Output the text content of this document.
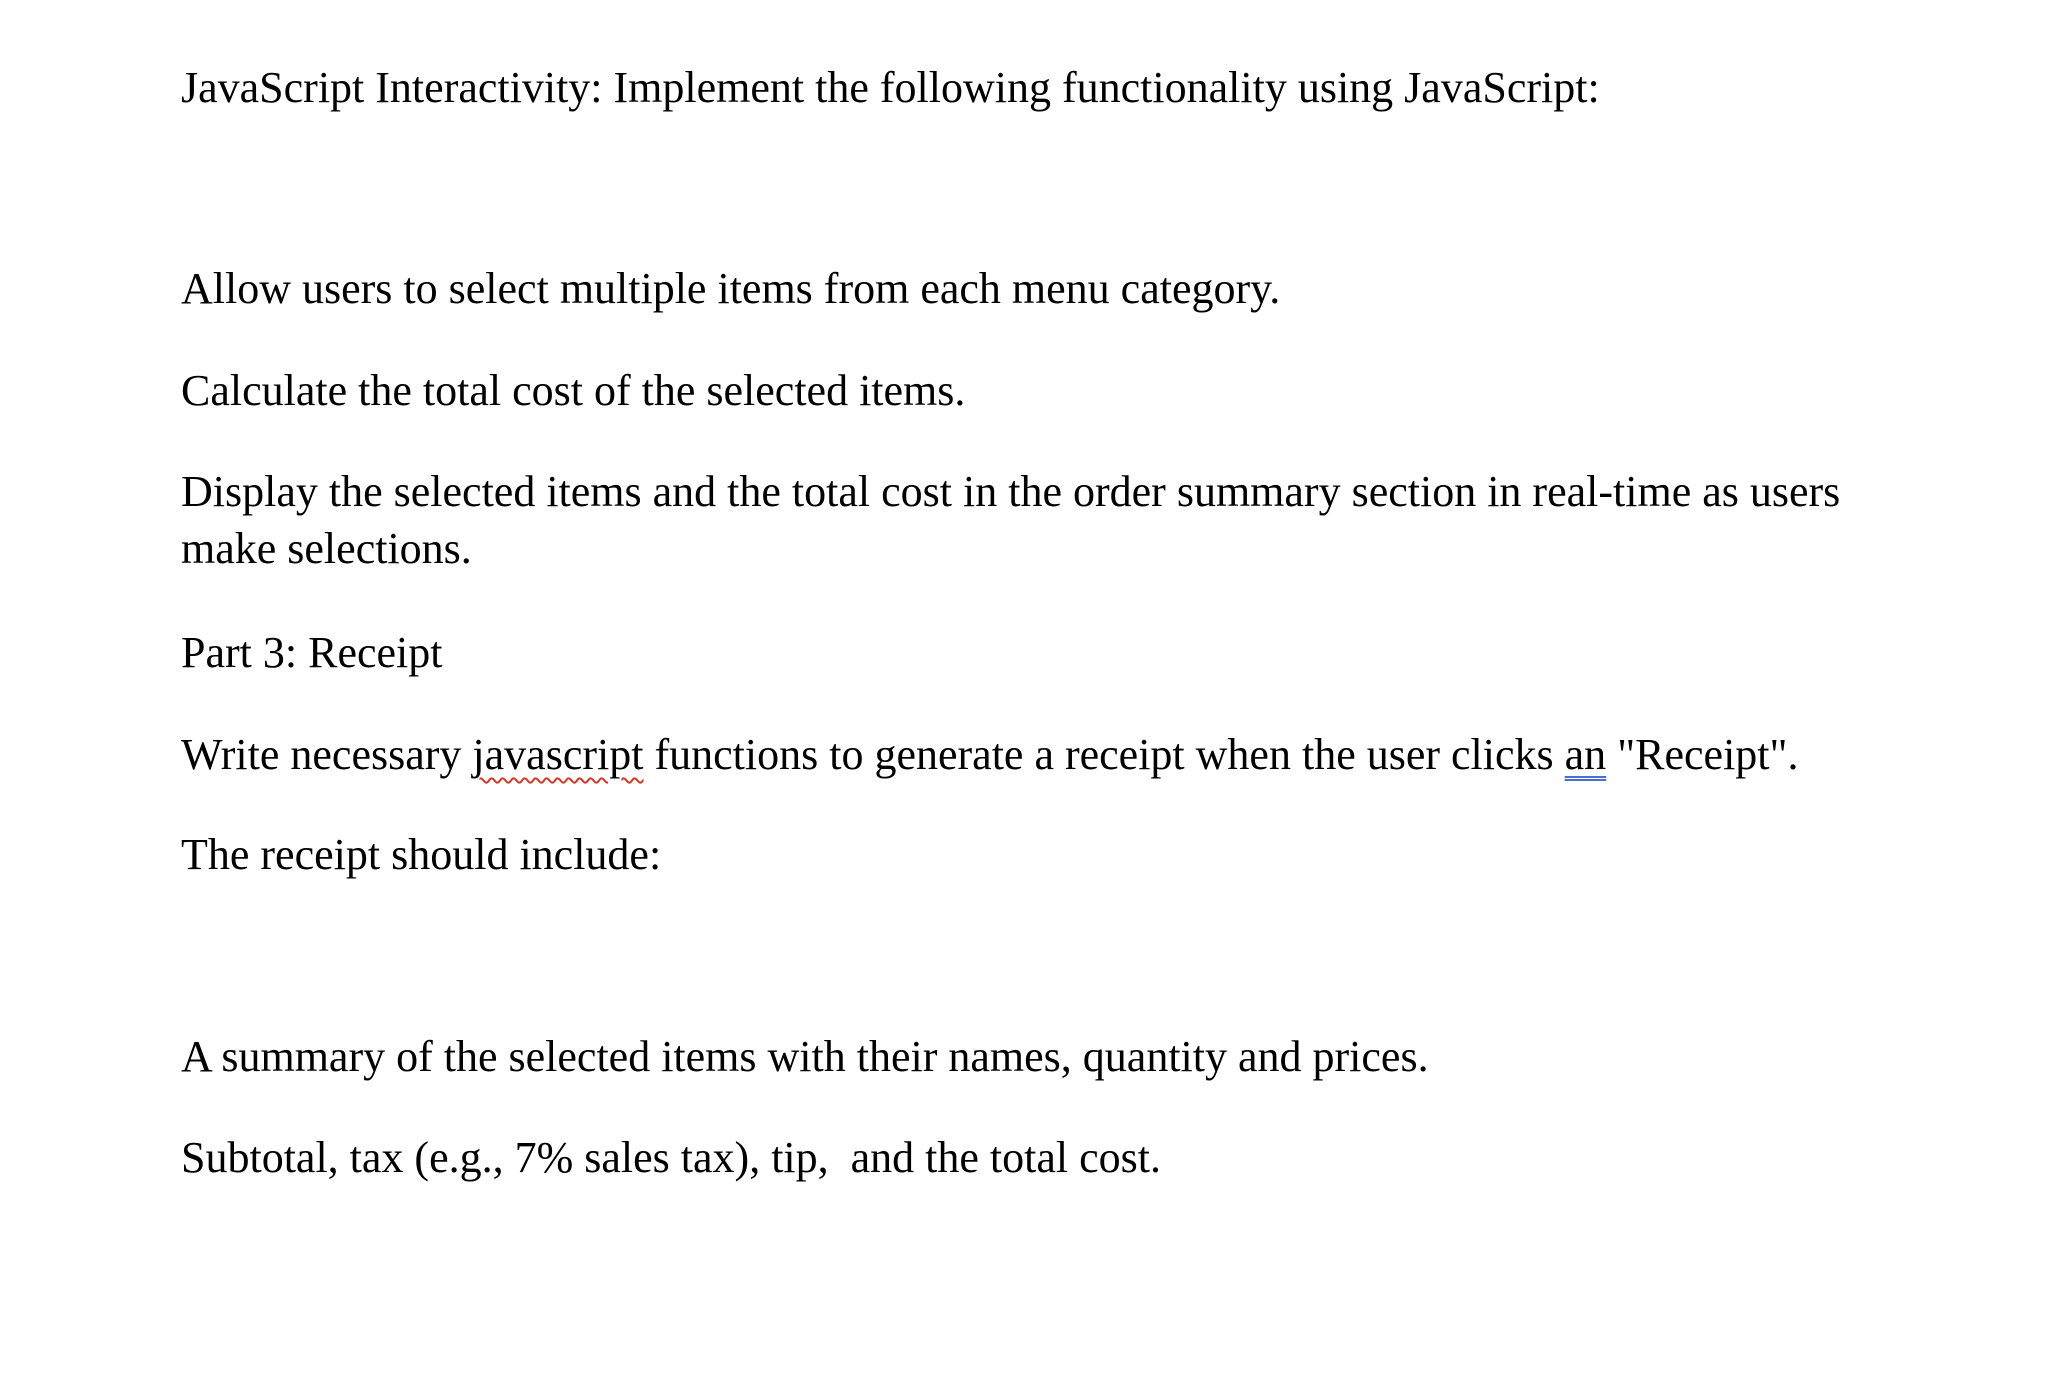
JavaScript Interactivity: Implement the following functionality using JavaScript:

Allow users to select multiple items from each menu category.

Calculate the total cost of the selected items.

Display the selected items and the total cost in the order summary section in real-time as users make selections.

Part 3: Receipt

Write necessary javascript functions to generate a receipt when the user clicks an "Receipt".

The receipt should include:

A summary of the selected items with their names, quantity and prices.

Subtotal, tax (e.g., 7% sales tax), tip,  and the total cost.
